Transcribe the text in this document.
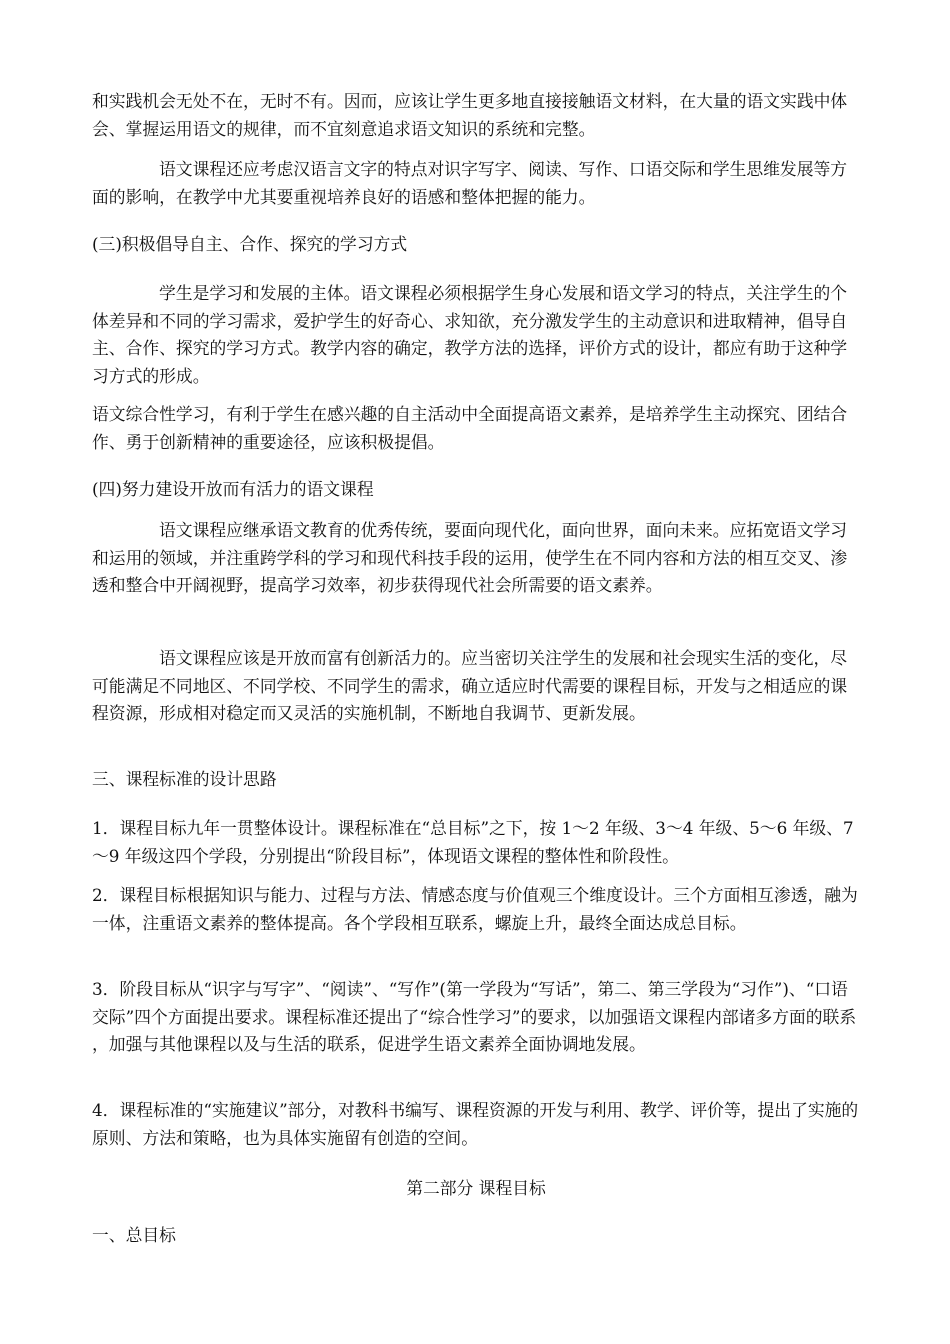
和实践机会无处不在，无时不有。因而，应该让学生更多地直接接触语文材料，在大量的语文实践中体会、掌握运用语文的规律，而不宜刻意追求语文知识的系统和完整。

语文课程还应考虑汉语言文字的特点对识字写字、阅读、写作、口语交际和学生思维发展等方面的影响，在教学中尤其要重视培养良好的语感和整体把握的能力。

(三)积极倡导自主、合作、探究的学习方式

学生是学习和发展的主体。语文课程必须根据学生身心发展和语文学习的特点，关注学生的个体差异和不同的学习需求，爱护学生的好奇心、求知欲，充分激发学生的主动意识和进取精神，倡导自主、合作、探究的学习方式。教学内容的确定，教学方法的选择，评价方式的设计，都应有助于这种学习方式的形成。

语文综合性学习，有利于学生在感兴趣的自主活动中全面提高语文素养，是培养学生主动探究、团结合作、勇于创新精神的重要途径，应该积极提倡。

(四)努力建设开放而有活力的语文课程

语文课程应继承语文教育的优秀传统，要面向现代化，面向世界，面向未来。应拓宽语文学习和运用的领域，并注重跨学科的学习和现代科技手段的运用，使学生在不同内容和方法的相互交叉、渗透和整合中开阔视野，提高学习效率，初步获得现代社会所需要的语文素养。

语文课程应该是开放而富有创新活力的。应当密切关注学生的发展和社会现实生活的变化，尽可能满足不同地区、不同学校、不同学生的需求，确立适应时代需要的课程目标，开发与之相适应的课程资源，形成相对稳定而又灵活的实施机制，不断地自我调节、更新发展。

三、课程标准的设计思路

1．课程目标九年一贯整体设计。课程标准在“总目标”之下，按 1～2 年级、3～4 年级、5～6 年级、7～9 年级这四个学段，分别提出“阶段目标”，体现语文课程的整体性和阶段性。

2．课程目标根据知识与能力、过程与方法、情感态度与价值观三个维度设计。三个方面相互渗透，融为一体，注重语文素养的整体提高。各个学段相互联系，螺旋上升，最终全面达成总目标。

3．阶段目标从“识字与写字”、“阅读”、“写作”(第一学段为“写话”，第二、第三学段为“习作”)、“口语交际”四个方面提出要求。课程标准还提出了“综合性学习”的要求，以加强语文课程内部诸多方面的联系，加强与其他课程以及与生活的联系，促进学生语文素养全面协调地发展。

4．课程标准的“实施建议”部分，对教科书编写、课程资源的开发与利用、教学、评价等，提出了实施的原则、方法和策略，也为具体实施留有创造的空间。

第二部分 课程目标

一、总目标
